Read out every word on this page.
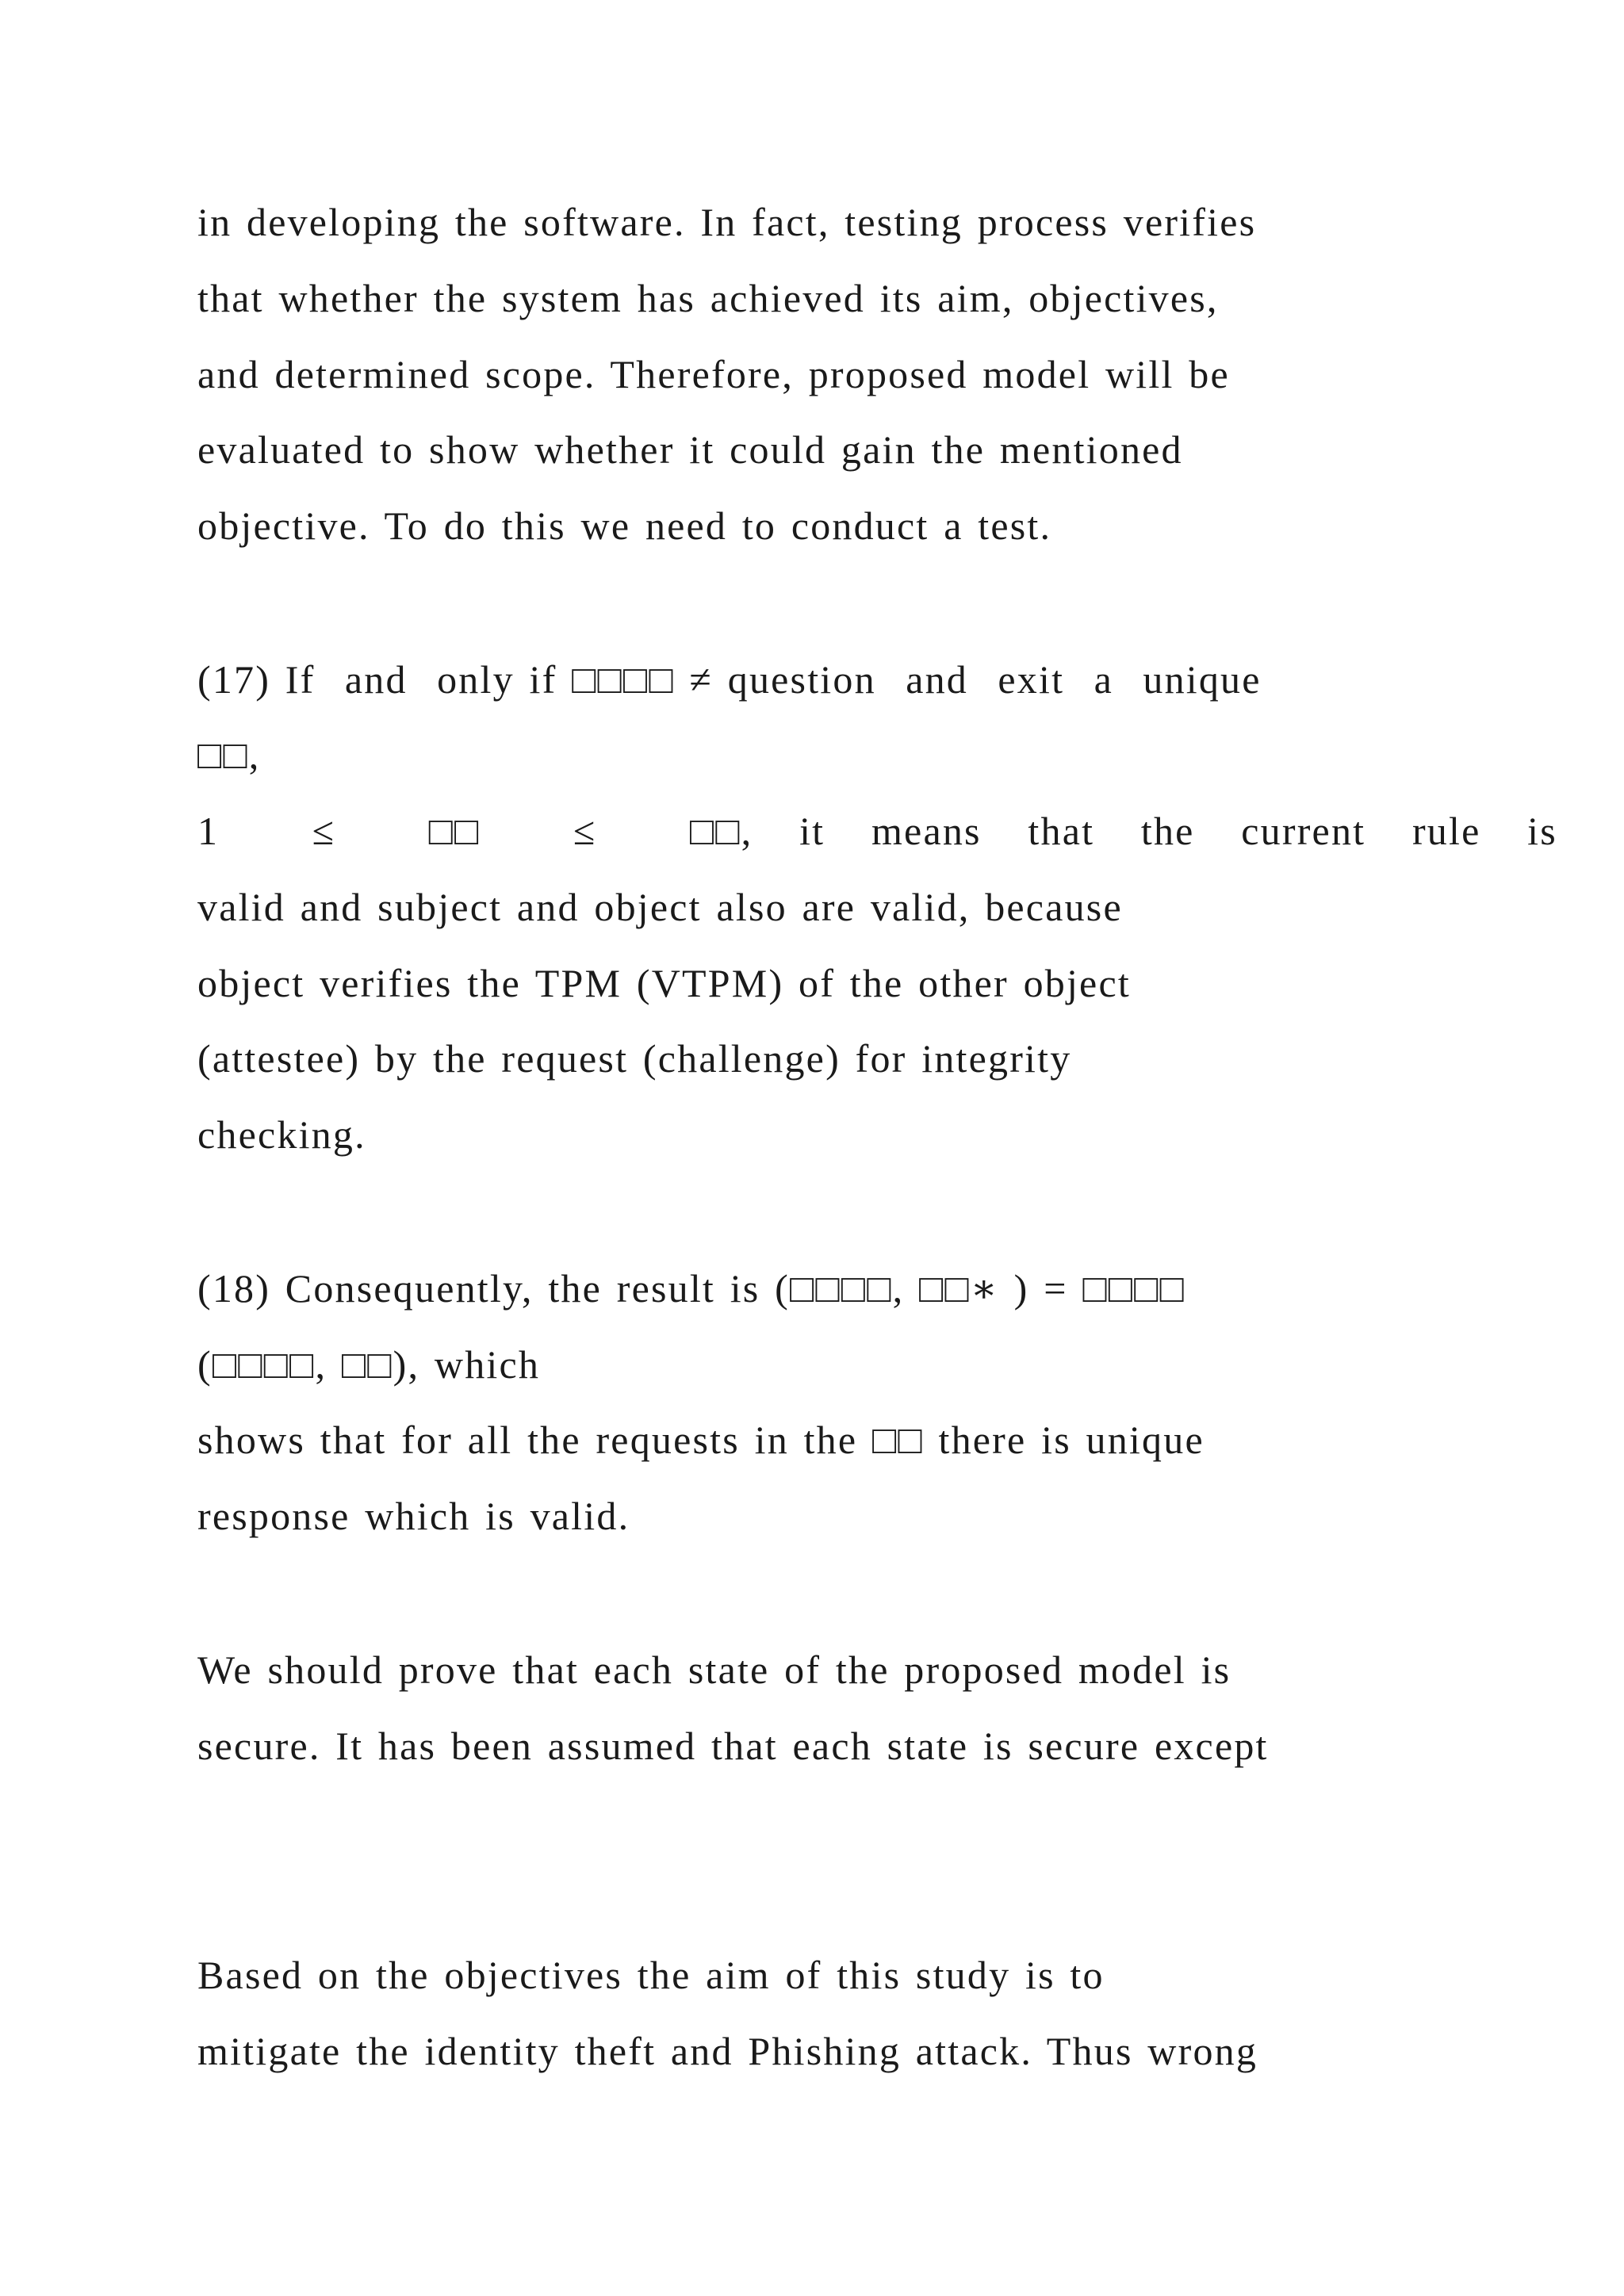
in developing the software. In fact, testing process verifies
that whether the system has achieved its aim, objectives,
and determined scope. Therefore, proposed model will be
evaluated to show whether it could gain the mentioned
objective. To do this we need to conduct a test.
(17) If  and  only if □□□□ ≠ question  and  exit  a  unique
□□,
1  ≤  □□  ≤  □□, it means that the current rule is
valid and subject and object also are valid, because
object verifies the TPM (VTPM) of the other object
(attestee) by the request (challenge) for integrity
checking.
(18) Consequently, the result is (□□□□, □□∗ ) = □□□□
(□□□□, □□), which
shows that for all the requests in the □□ there is unique
response which is valid.
We should prove that each state of the proposed model is
secure. It has been assumed that each state is secure except
Based on the objectives the aim of this study is to
mitigate the identity theft and Phishing attack. Thus wrong
